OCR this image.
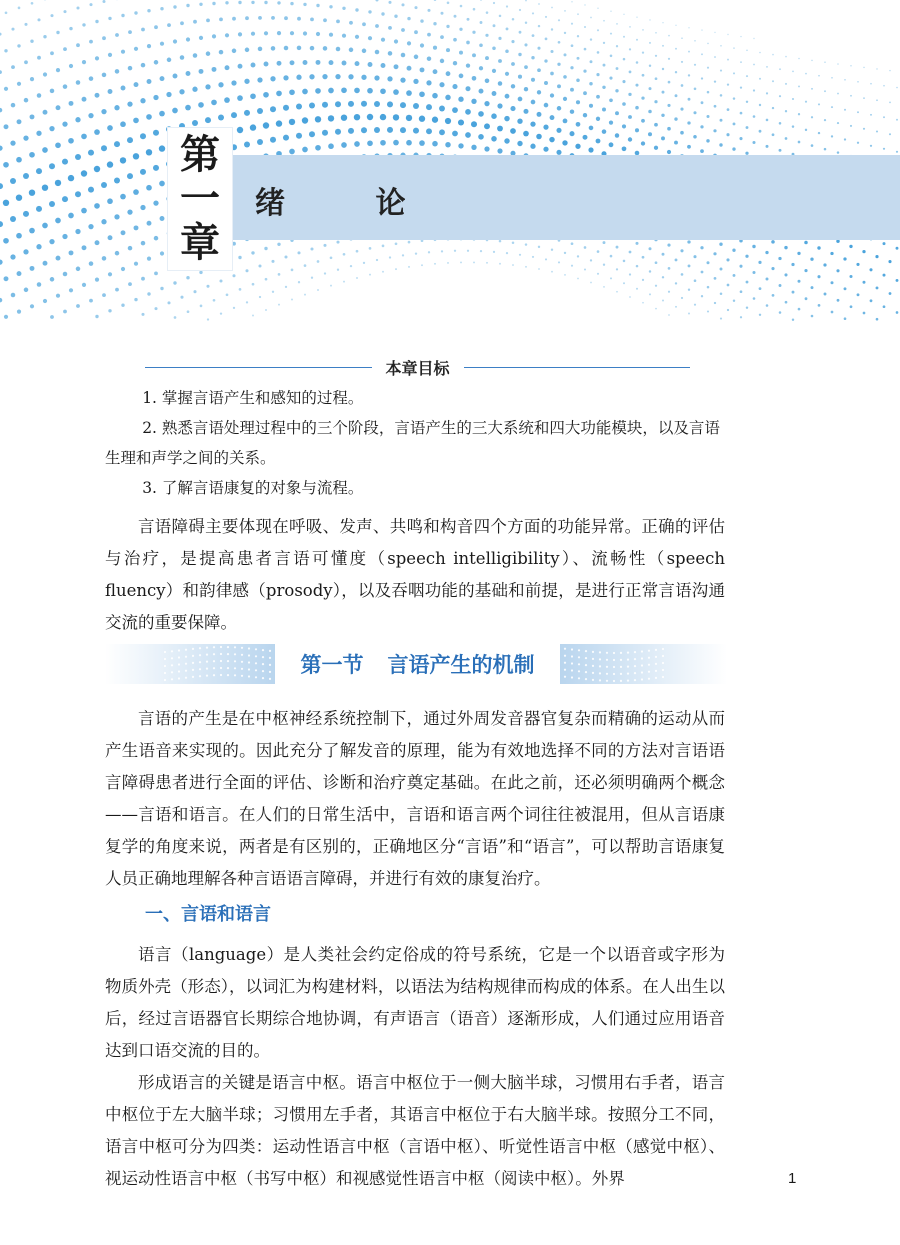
第
一
章
绪 论
本章目标

1. 掌握言语产生和感知的过程。

2. 熟悉言语处理过程中的三个阶段，言语产生的三大系统和四大功能模块，以及言语生理和声学之间的关系。

3. 了解言语康复的对象与流程。

言语障碍主要体现在呼吸、发声、共鸣和构音四个方面的功能异常。正确的评估与治疗，是提高患者言语可懂度（speech intelligibility）、流畅性（speech fluency）和韵律感（prosody），以及吞咽功能的基础和前提，是进行正常言语沟通交流的重要保障。

第一节 言语产生的机制

言语的产生是在中枢神经系统控制下，通过外周发音器官复杂而精确的运动从而产生语音来实现的。因此充分了解发音的原理，能为有效地选择不同的方法对言语语言障碍患者进行全面的评估、诊断和治疗奠定基础。在此之前，还必须明确两个概念——言语和语言。在人们的日常生活中，言语和语言两个词往往被混用，但从言语康复学的角度来说，两者是有区别的，正确地区分“言语”和“语言”，可以帮助言语康复人员正确地理解各种言语语言障碍，并进行有效的康复治疗。

一、言语和语言

语言（language）是人类社会约定俗成的符号系统，它是一个以语音或字形为物质外壳（形态），以词汇为构建材料，以语法为结构规律而构成的体系。在人出生以后，经过言语器官长期综合地协调，有声语言（语音）逐渐形成，人们通过应用语音达到口语交流的目的。

形成语言的关键是语言中枢。语言中枢位于一侧大脑半球，习惯用右手者，语言中枢位于左大脑半球；习惯用左手者，其语言中枢位于右大脑半球。按照分工不同，语言中枢可分为四类：运动性语言中枢（言语中枢）、听觉性语言中枢（感觉中枢）、视运动性语言中枢（书写中枢）和视感觉性语言中枢（阅读中枢）。外界	1
